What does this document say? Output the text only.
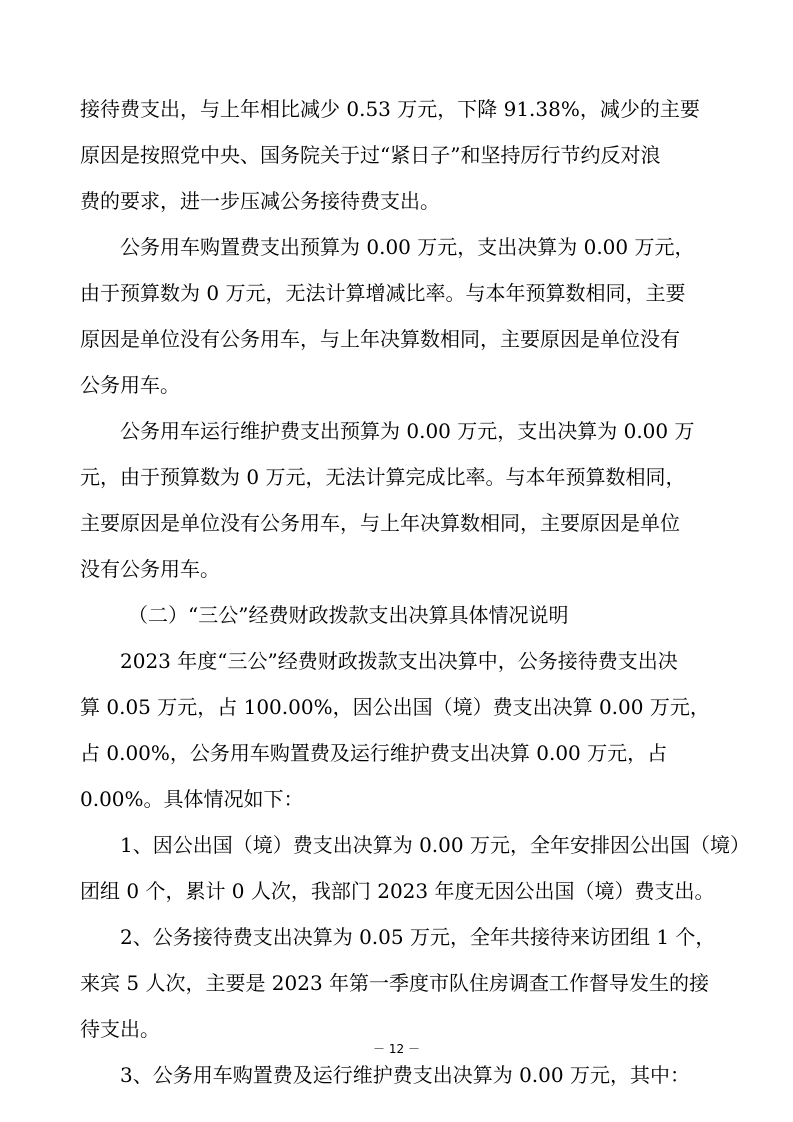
接待费支出，与上年相比减少 0.53 万元，下降 91.38%，减少的主要

原因是按照党中央、国务院关于过“紧日子”和坚持厉行节约反对浪

费的要求，进一步压减公务接待费支出。

公务用车购置费支出预算为 0.00 万元，支出决算为 0.00 万元，

由于预算数为 0 万元，无法计算增减比率。与本年预算数相同，主要

原因是单位没有公务用车，与上年决算数相同，主要原因是单位没有

公务用车。

公务用车运行维护费支出预算为 0.00 万元，支出决算为 0.00 万

元，由于预算数为 0 万元，无法计算完成比率。与本年预算数相同，

主要原因是单位没有公务用车，与上年决算数相同，主要原因是单位

没有公务用车。

（二）“三公”经费财政拨款支出决算具体情况说明

2023 年度“三公”经费财政拨款支出决算中，公务接待费支出决

算 0.05 万元，占 100.00%，因公出国（境）费支出决算 0.00 万元，

占 0.00%，公务用车购置费及运行维护费支出决算 0.00 万元，占

0.00%。具体情况如下：

1、因公出国（境）费支出决算为 0.00 万元，全年安排因公出国（境）

团组 0 个，累计 0 人次，我部门 2023 年度无因公出国（境）费支出。

2、公务接待费支出决算为 0.05 万元，全年共接待来访团组 1 个，

来宾 5 人次，主要是 2023 年第一季度市队住房调查工作督导发生的接

待支出。

3、公务用车购置费及运行维护费支出决算为 0.00 万元，其中：

－ 12 －
